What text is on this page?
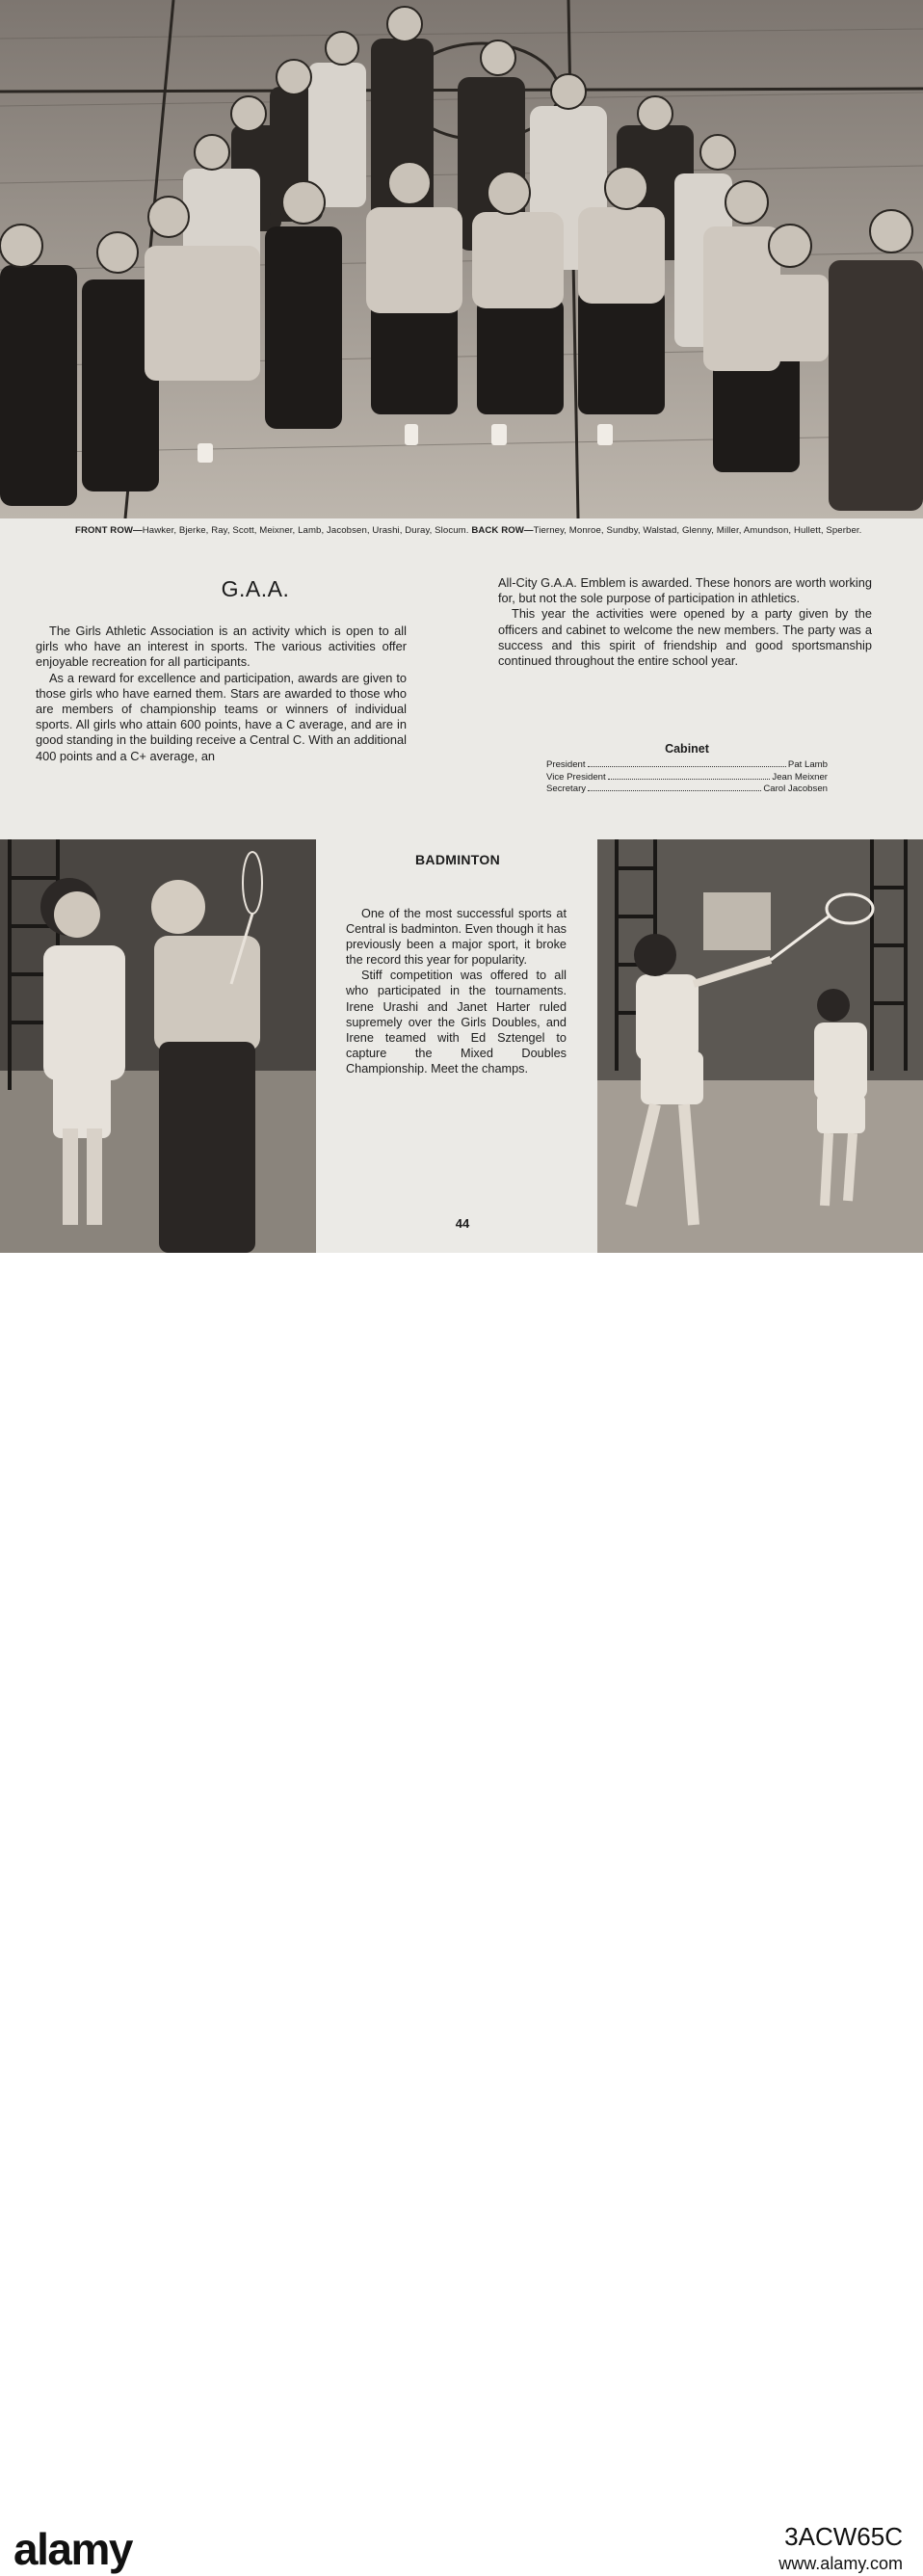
FRONT ROW—Hawker, Bjerke, Ray, Scott, Meixner, Lamb, Jacobsen, Urashi, Duray, Slocum. BACK ROW—Tierney, Monroe, Sundby, Walstad, Glenny, Miller, Amundson, Hullett, Sperber.
G.A.A.

The Girls Athletic Association is an activity which is open to all girls who have an interest in sports. The various activities offer enjoyable recreation for all participants.

As a reward for excellence and participation, awards are given to those girls who have earned them. Stars are awarded to those who are members of championship teams or winners of individual sports. All girls who attain 600 points, have a C average, and are in good standing in the building receive a Central C. With an additional 400 points and a C+ average, an

All-City G.A.A. Emblem is awarded. These honors are worth working for, but not the sole purpose of participation in athletics.

This year the activities were opened by a party given by the officers and cabinet to welcome the new members. The party was a success and this spirit of friendship and good sportsmanship continued throughout the entire school year.

Cabinet
President	Pat Lamb
Vice President	Jean Meixner
Secretary	Carol Jacobsen
BADMINTON

One of the most successful sports at Central is badminton. Even though it has previously been a major sport, it broke the record this year for popularity.

Stiff competition was offered to all who participated in the tournaments. Irene Urashi and Janet Harter ruled supremely over the Girls Doubles, and Irene teamed with Ed Sztengel to capture the Mixed Doubles Championship. Meet the champs.

44
alamy	3ACW65C
www.alamy.com
